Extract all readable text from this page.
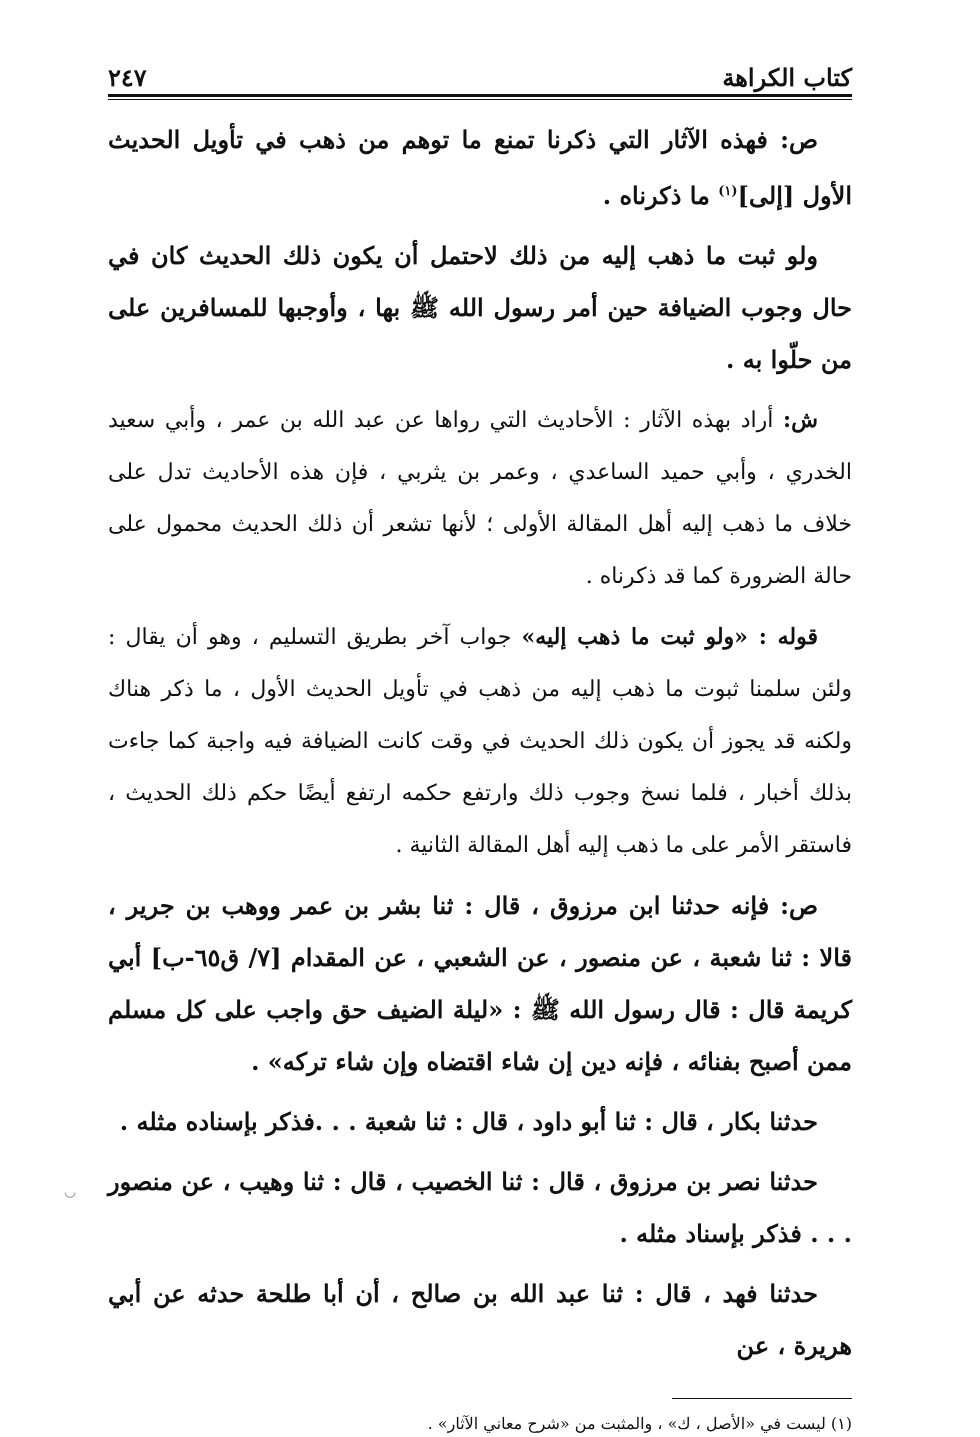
كتاب الكراهة
٢٤٧

ص: فهذه الآثار التي ذكرنا تمنع ما توهم من ذهب في تأويل الحديث الأول [إلى]$^{(١)}$ ما ذكرناه .

ولو ثبت ما ذهب إليه من ذلك لاحتمل أن يكون ذلك الحديث كان في حال وجوب الضيافة حين أمر رسول الله ﷺ بها ، وأوجبها للمسافرين على من حلّوا به .

ش: أراد بهذه الآثار : الأحاديث التي رواها عن عبد الله بن عمر ، وأبي سعيد الخدري ، وأبي حميد الساعدي ، وعمر بن يثربي ، فإن هذه الأحاديث تدل على خلاف ما ذهب إليه أهل المقالة الأولى ؛ لأنها تشعر أن ذلك الحديث محمول على حالة الضرورة كما قد ذكرناه .

قوله : «ولو ثبت ما ذهب إليه» جواب آخر بطريق التسليم ، وهو أن يقال : ولئن سلمنا ثبوت ما ذهب إليه من ذهب في تأويل الحديث الأول ، ما ذكر هناك ولكنه قد يجوز أن يكون ذلك الحديث في وقت كانت الضيافة فيه واجبة كما جاءت بذلك أخبار ، فلما نسخ وجوب ذلك وارتفع حكمه ارتفع أيضًا حكم ذلك الحديث ، فاستقر الأمر على ما ذهب إليه أهل المقالة الثانية .

ص: فإنه حدثنا ابن مرزوق ، قال : ثنا بشر بن عمر ووهب بن جرير ، قالا : ثنا شعبة ، عن منصور ، عن الشعبي ، عن المقدام [٧/ ق٦٥-ب] أبي كريمة قال : قال رسول الله ﷺ : «ليلة الضيف حق واجب على كل مسلم ممن أصبح بفنائه ، فإنه دين إن شاء اقتضاه وإن شاء تركه» .

حدثنا بكار ، قال : ثنا أبو داود ، قال : ثنا شعبة . . .فذكر بإسناده مثله .

حدثنا نصر بن مرزوق ، قال : ثنا الخصيب ، قال : ثنا وهيب ، عن منصور . . . فذكر بإسناد مثله .

حدثنا فهد ، قال : ثنا عبد الله بن صالح ، أن أبا طلحة حدثه عن أبي هريرة ، عن

(١) ليست في «الأصل ، ك» ، والمثبت من «شرح معاني الآثار» .

◡
